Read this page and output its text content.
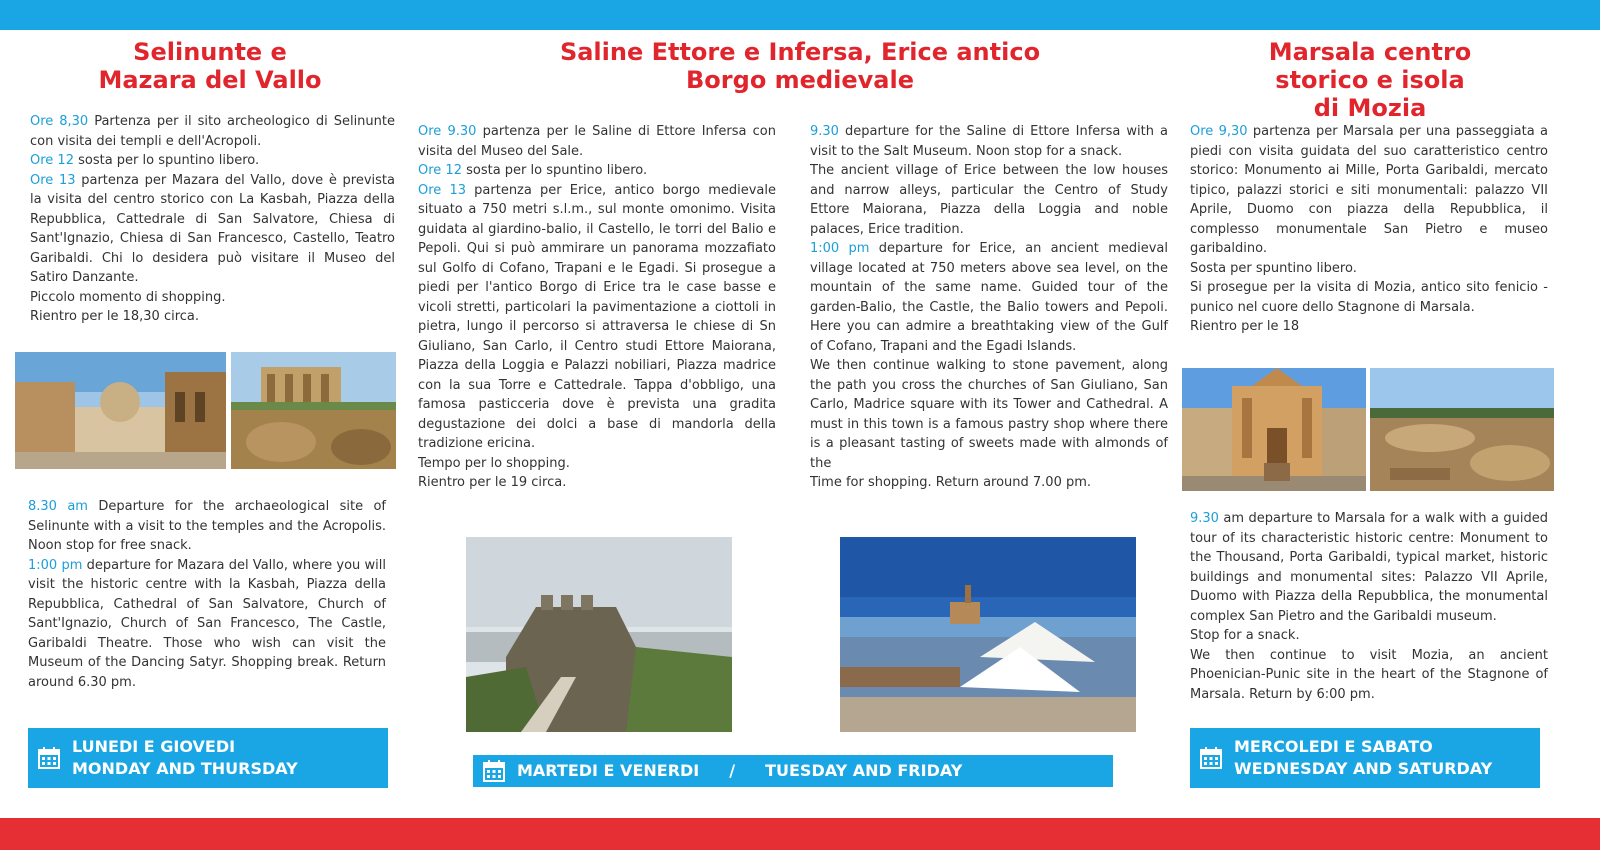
Selinunte e
Mazara del Vallo

Ore 8,30 Partenza per il sito archeologico di Selinunte con visita dei templi e dell'Acropoli.

Ore 12 sosta per lo spuntino libero.

Ore 13 partenza per Mazara del Vallo, dove è prevista la visita del centro storico con La Kasbah, Piazza della Repubblica, Cattedrale di San Salvatore, Chiesa di Sant'Ignazio, Chiesa di San Francesco, Castello, Teatro Garibaldi. Chi lo desidera può visitare il Museo del Satiro Danzante.

Piccolo momento di shopping.

Rientro per le 18,30 circa.

8.30 am Departure for the archaeological site of Selinunte with a visit to the temples and the Acropolis. Noon stop for free snack.

1:00 pm departure for Mazara del Vallo, where you will visit the historic centre with la Kasbah, Piazza della Repubblica, Cathedral of San Salvatore, Church of Sant'Ignazio, Church of San Francesco, The Castle, Garibaldi Theatre. Those who wish can visit the Museum of the Dancing Satyr. Shopping break. Return around 6.30 pm.

LUNEDI E GIOVEDI
MONDAY AND THURSDAY
Saline Ettore e Infersa, Erice antico
Borgo medievale

Ore 9.30 partenza per le Saline di Ettore Infersa con visita del Museo del Sale.

Ore 12 sosta per lo spuntino libero.

Ore 13 partenza per Erice, antico borgo medievale situato a 750 metri s.l.m., sul monte omonimo. Visita guidata al giardino-balio, il Castello, le torri del Balio e Pepoli. Qui si può ammirare un panorama mozzafiato sul Golfo di Cofano, Trapani e le Egadi. Si prosegue a piedi per l'antico Borgo di Erice tra le case basse e vicoli stretti, particolari la pavimentazione a ciottoli in pietra, lungo il percorso si attraversa le chiese di Sn Giuliano, San Carlo, il Centro studi Ettore Maiorana, Piazza della Loggia e Palazzi nobiliari, Piazza madrice con la sua Torre e Cattedrale. Tappa d'obbligo, una famosa pasticceria dove è prevista una gradita degustazione dei dolci a base di mandorla della tradizione ericina.

Tempo per lo shopping.

Rientro per le 19 circa.

9.30 departure for the Saline di Ettore Infersa with a visit to the Salt Museum. Noon stop for a snack.

The ancient village of Erice between the low houses and narrow alleys, particular the Centro of Study Ettore Maiorana, Piazza della Loggia and noble palaces, Erice tradition.

1:00 pm departure for Erice, an ancient medieval village located at 750 meters above sea level, on the mountain of the same name. Guided tour of the garden-Balio, the Castle, the Balio towers and Pepoli. Here you can admire a breathtaking view of the Gulf of Cofano, Trapani and the Egadi Islands.

We then continue walking to stone pavement, along the path you cross the churches of San Giuliano, San Carlo, Madrice square with its Tower and Cathedral. A must in this town is a famous pastry shop where there is a pleasant tasting of sweets made with almonds of the

Time for shopping. Return around 7.00 pm.

MARTEDI E VENERDI / TUESDAY AND FRIDAY
Marsala centro
storico e isola
di Mozia

Ore 9,30 partenza per Marsala per una passeggiata a piedi con visita guidata del suo caratteristico centro storico: Monumento ai Mille, Porta Garibaldi, mercato tipico, palazzi storici e siti monumentali: palazzo VII Aprile, Duomo con piazza della Repubblica, il complesso monumentale San Pietro e museo garibaldino.

Sosta per spuntino libero.

Si prosegue per la visita di Mozia, antico sito fenicio - punico nel cuore dello Stagnone di Marsala.

Rientro per le 18

9.30 am departure to Marsala for a walk with a guided tour of its characteristic historic centre: Monument to the Thousand, Porta Garibaldi, typical market, historic buildings and monumental sites: Palazzo VII Aprile, Duomo with Piazza della Repubblica, the monumental complex San Pietro and the Garibaldi museum.

Stop for a snack.

We then continue to visit Mozia, an ancient Phoenician-Punic site in the heart of the Stagnone of Marsala. Return by 6:00 pm.

MERCOLEDI E SABATO
WEDNESDAY AND SATURDAY
